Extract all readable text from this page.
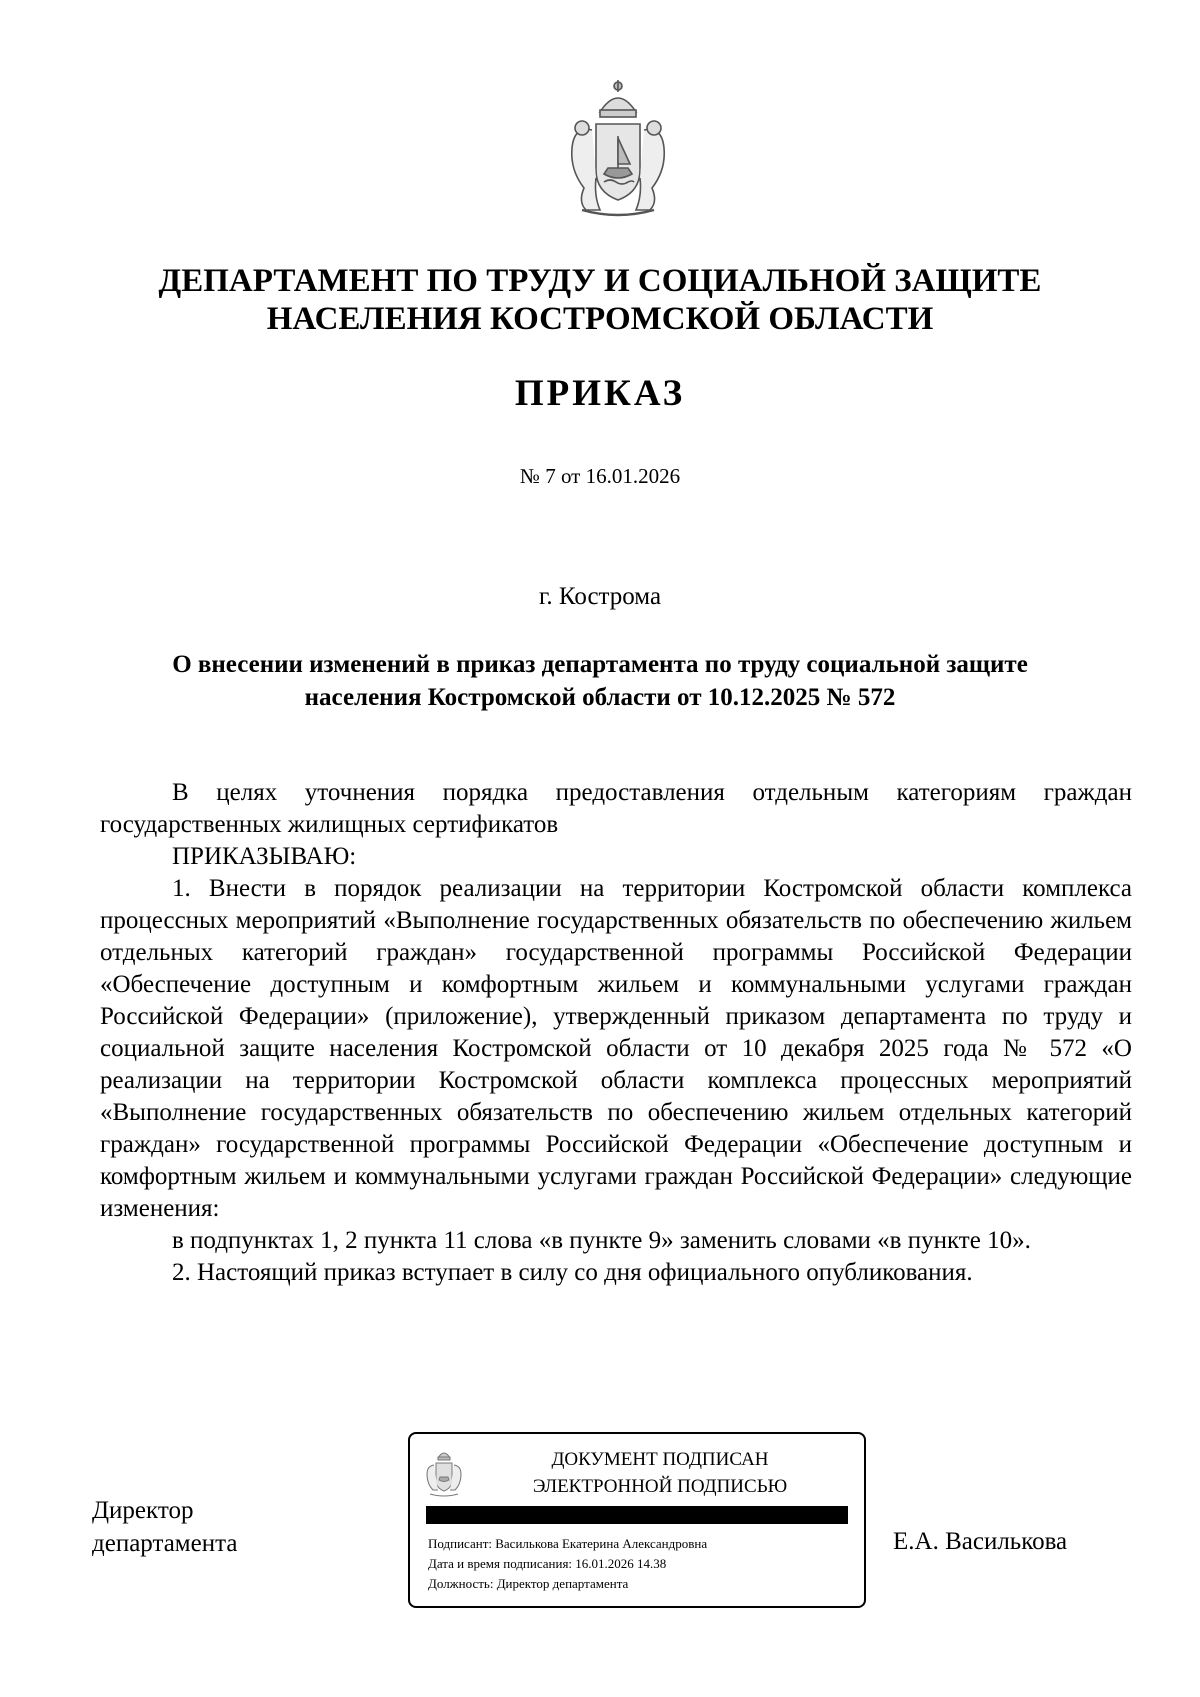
ДЕПАРТАМЕНТ ПО ТРУДУ И СОЦИАЛЬНОЙ ЗАЩИТЕ
НАСЕЛЕНИЯ КОСТРОМСКОЙ ОБЛАСТИ
ПРИКАЗ
№ 7 от 16.01.2026
г. Кострома
О внесении изменений в приказ департамента по труду социальной защите
населения Костромской области от 10.12.2025 № 572

В целях уточнения порядка предоставления отдельным категориям граждан государственных жилищных сертификатов

ПРИКАЗЫВАЮ:

1. Внести в порядок реализации на территории Костромской области комплекса процессных мероприятий «Выполнение государственных обязательств по обеспечению жильем отдельных категорий граждан» государственной программы Российской Федерации «Обеспечение доступным и комфортным жильем и коммунальными услугами граждан Российской Федерации» (приложение), утвержденный приказом департамента по труду и социальной защите населения Костромской области от 10 декабря 2025 года № 572 «О реализации на территории Костромской области комплекса процессных мероприятий «Выполнение государственных обязательств по обеспечению жильем отдельных категорий граждан» государственной программы Российской Федерации «Обеспечение доступным и комфортным жильем и коммунальными услугами граждан Российской Федерации» следующие изменения:

в подпунктах 1, 2 пункта 11 слова «в пункте 9» заменить словами «в пункте 10».

2. Настоящий приказ вступает в силу со дня официального опубликования.

Директор
департамента
ДОКУМЕНТ ПОДПИСАН
ЭЛЕКТРОННОЙ ПОДПИСЬЮ
Подписант: Василькова Екатерина Александровна
Дата и время подписания: 16.01.2026 14.38
Должность: Директор департамента
Е.А. Василькова
